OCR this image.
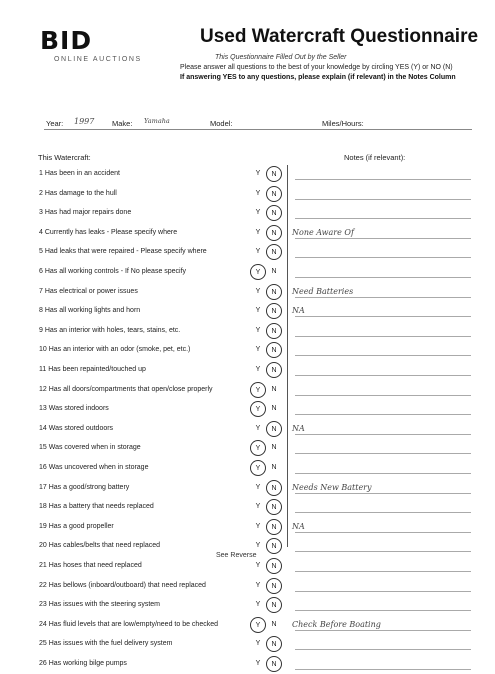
BID
ONLINE AUCTIONS
Used Watercraft Questionnaire
This Questionnaire Filled Out by the Seller
Please answer all questions to the best of your knowledge by circling YES (Y) or NO (N)
If answering YES to any questions, please explain (if relevant) in the Notes Column
Year: 1997 Make: Yamaha	Model:	Miles/Hours:
This Watercraft:	Notes (if relevant):
1 Has been in an accident	Y	N
2 Has damage to the hull	Y	N
3 Has had major repairs done	Y	N
4 Currently has leaks - Please specify where	Y	N	None Aware Of
5 Had leaks that were repaired - Please specify where	Y	N
6 Has all working controls - If No please specify	Y	N
7 Has electrical or power issues	Y	N	Need Batteries
8 Has all working lights and horn	Y	N	NA
9 Has an interior with holes, tears, stains, etc.	Y	N
10 Has an interior with an odor (smoke, pet, etc.)	Y	N
11 Has been repainted/touched up	Y	N
12 Has all doors/compartments that open/close properly	Y	N
13 Was stored indoors	Y	N
14 Was stored outdoors	Y	N	NA
15 Was covered when in storage	Y	N
16 Was uncovered when in storage	Y	N
17 Has a good/strong battery	Y	N	Needs New Battery
18 Has a battery that needs replaced	Y	N
19 Has a good propeller	Y	N	NA
20 Has cables/belts that need replaced	Y	N
21 Has hoses that need replaced	Y	N
22 Has bellows (inboard/outboard) that need replaced	Y	N
23 Has issues with the steering system	Y	N
24 Has fluid levels that are low/empty/need to be checked	Y	N	Check Before Boating
25 Has issues with the fuel delivery system	Y	N
26 Has working bilge pumps	Y	N
See Reverse
